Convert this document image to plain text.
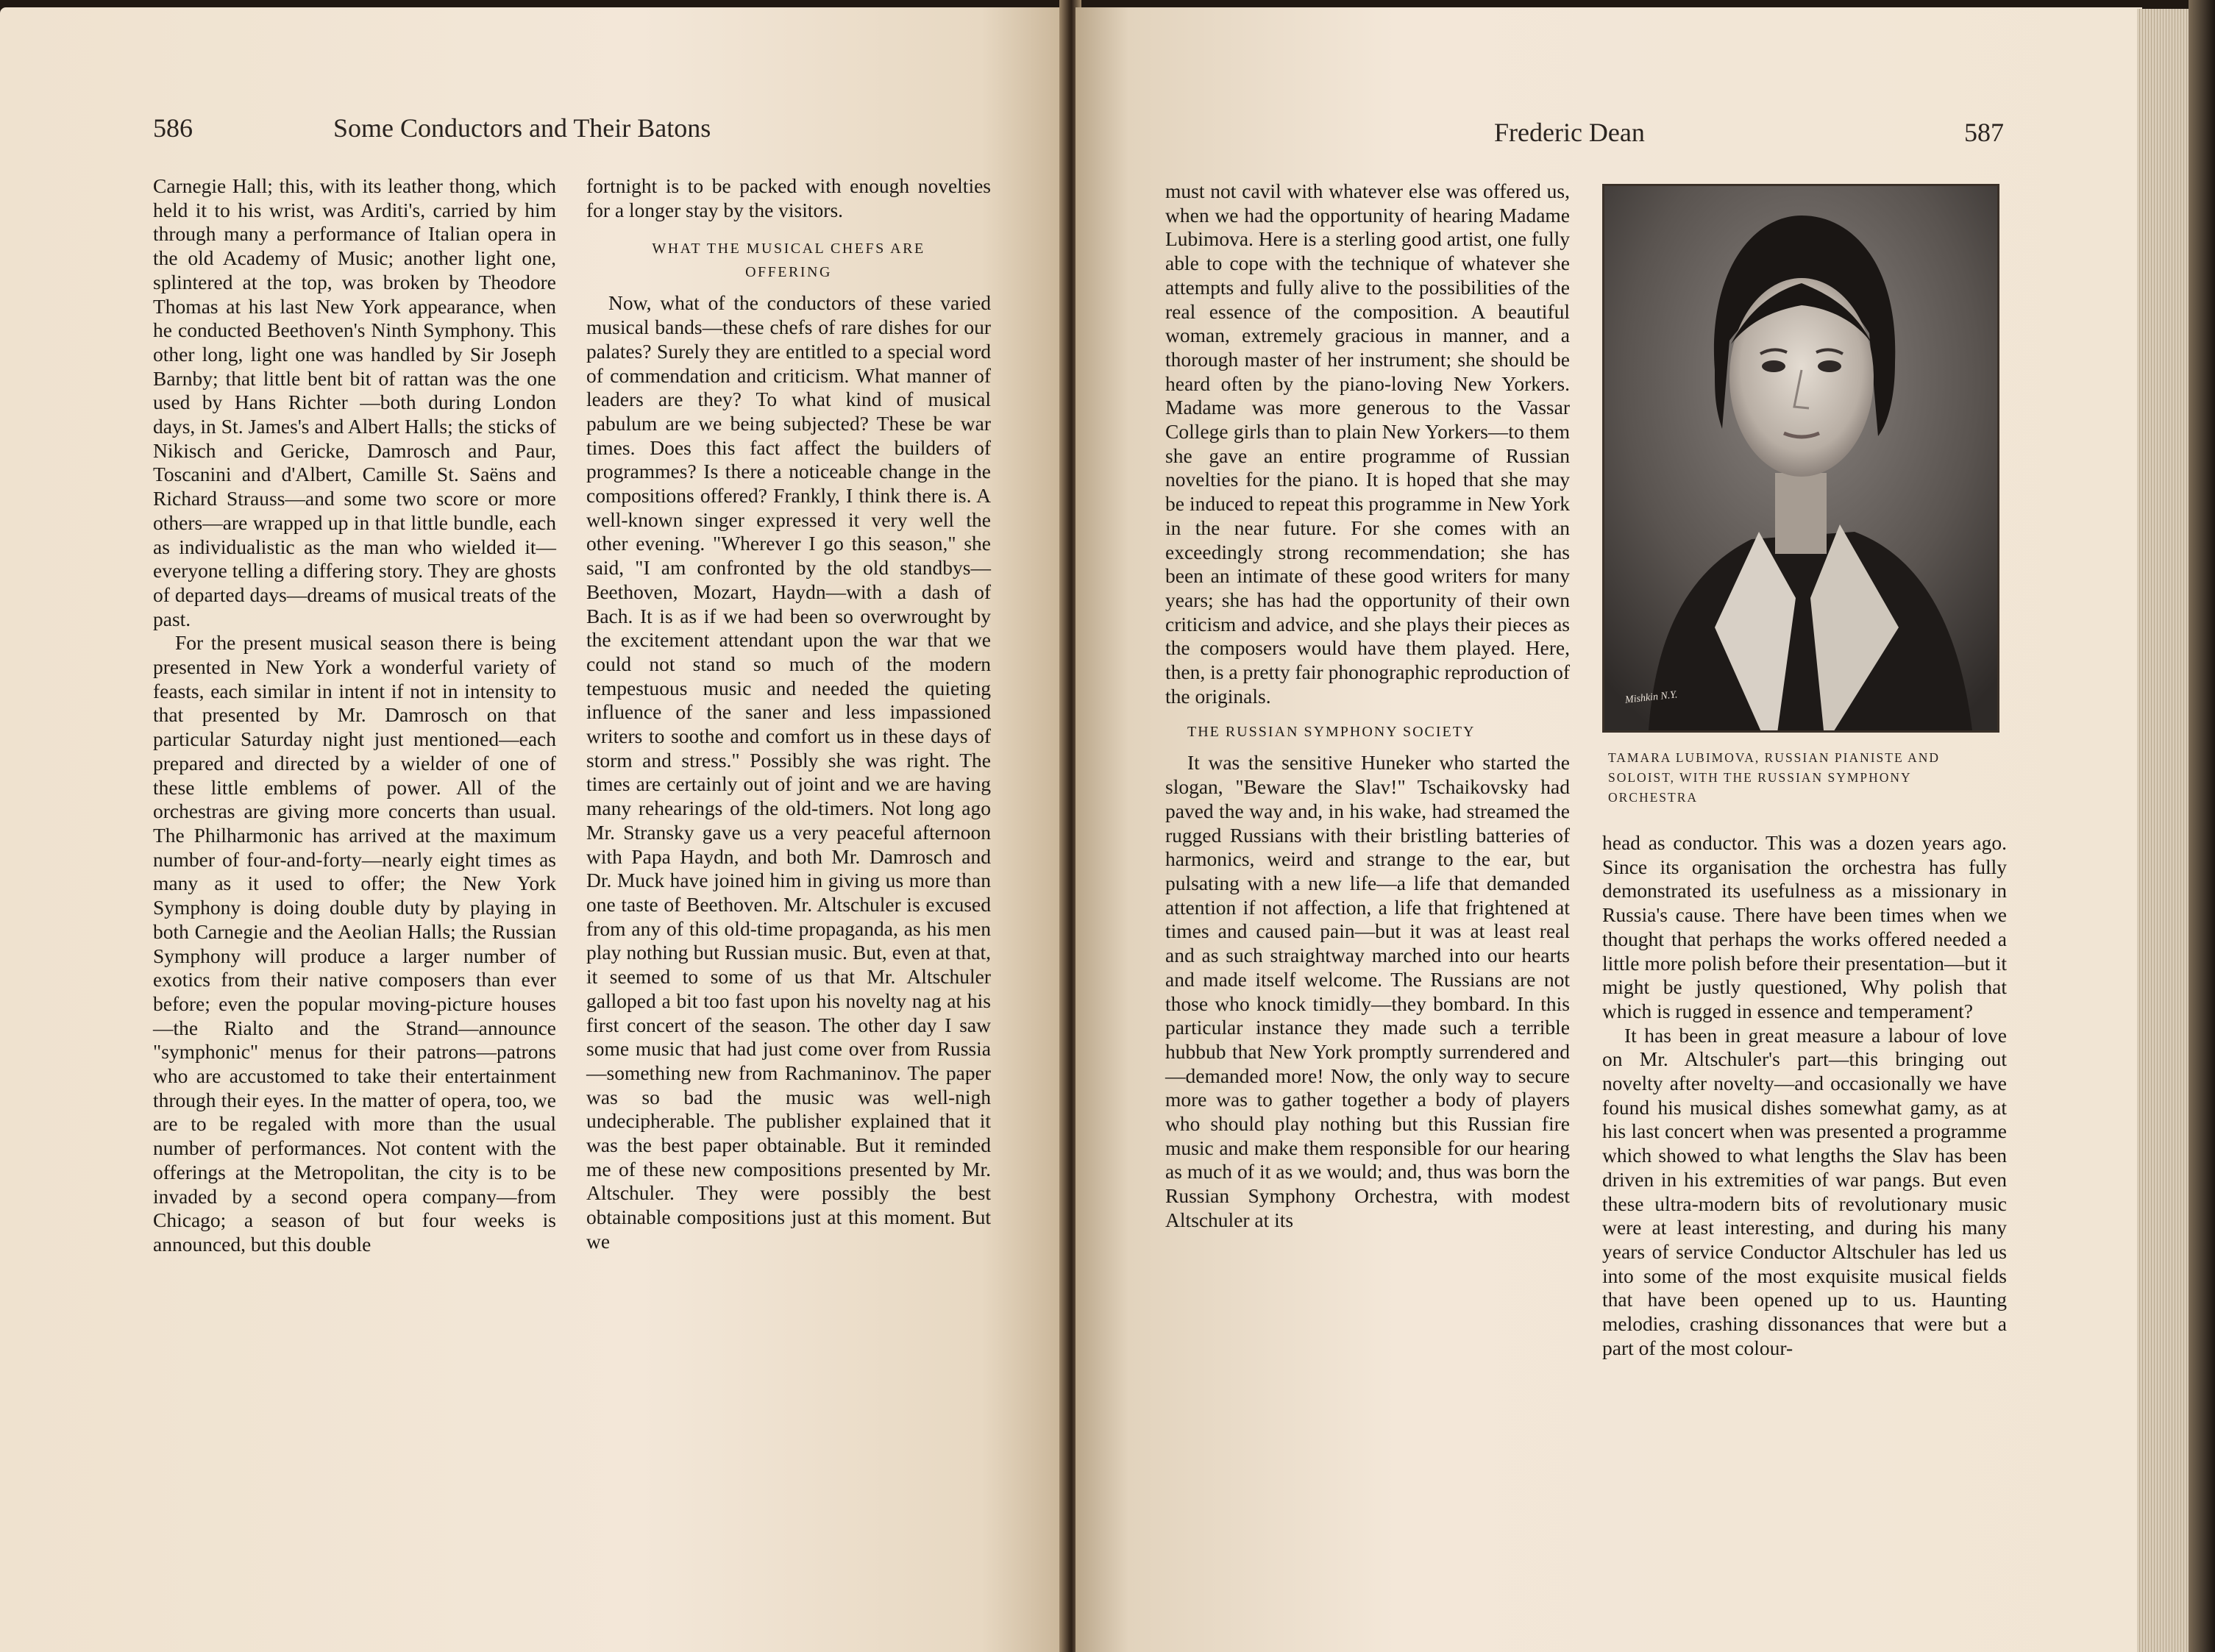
586	Some Conductors and Their Batons

Carnegie Hall; this, with its leather thong, which held it to his wrist, was Arditi's, carried by him through many a performance of Italian opera in the old Academy of Music; another light one, splintered at the top, was broken by Theodore Thomas at his last New York appearance, when he conducted Beethoven's Ninth Symphony. This other long, light one was handled by Sir Joseph Barnby; that little bent bit of rattan was the one used by Hans Richter —both during London days, in St. James's and Albert Halls; the sticks of Nikisch and Gericke, Damrosch and Paur, Toscanini and d'Albert, Camille St. Saëns and Richard Strauss—and some two score or more others—are wrapped up in that little bundle, each as individualistic as the man who wielded it—everyone telling a differing story. They are ghosts of departed days—dreams of musical treats of the past.

For the present musical season there is being presented in New York a wonderful variety of feasts, each similar in intent if not in intensity to that presented by Mr. Damrosch on that particular Saturday night just mentioned—each prepared and directed by a wielder of one of these little emblems of power. All of the orchestras are giving more concerts than usual. The Philharmonic has arrived at the maximum number of four-and-forty—nearly eight times as many as it used to offer; the New York Symphony is doing double duty by playing in both Carnegie and the Aeolian Halls; the Russian Symphony will produce a larger number of exotics from their native composers than ever before; even the popular moving-picture houses —the Rialto and the Strand—announce "symphonic" menus for their patrons—patrons who are accustomed to take their entertainment through their eyes. In the matter of opera, too, we are to be regaled with more than the usual number of performances. Not content with the offerings at the Metropolitan, the city is to be invaded by a second opera company—from Chicago; a season of but four weeks is announced, but this double

fortnight is to be packed with enough novelties for a longer stay by the visitors.

WHAT THE MUSICAL CHEFS ARE OFFERING

Now, what of the conductors of these varied musical bands—these chefs of rare dishes for our palates? Surely they are entitled to a special word of commendation and criticism. What manner of leaders are they? To what kind of musical pabulum are we being subjected? These be war times. Does this fact affect the builders of programmes? Is there a noticeable change in the compositions offered? Frankly, I think there is. A well-known singer expressed it very well the other evening. "Wherever I go this season," she said, "I am confronted by the old standbys—Beethoven, Mozart, Haydn—with a dash of Bach. It is as if we had been so overwrought by the excitement attendant upon the war that we could not stand so much of the modern tempestuous music and needed the quieting influence of the saner and less impassioned writers to soothe and comfort us in these days of storm and stress." Possibly she was right. The times are certainly out of joint and we are having many rehearings of the old-timers. Not long ago Mr. Stransky gave us a very peaceful afternoon with Papa Haydn, and both Mr. Damrosch and Dr. Muck have joined him in giving us more than one taste of Beethoven. Mr. Altschuler is excused from any of this old-time propaganda, as his men play nothing but Russian music. But, even at that, it seemed to some of us that Mr. Altschuler galloped a bit too fast upon his novelty nag at his first concert of the season. The other day I saw some music that had just come over from Russia—something new from Rachmaninov. The paper was so bad the music was well-nigh undecipherable. The publisher explained that it was the best paper obtainable. But it reminded me of these new compositions presented by Mr. Altschuler. They were possibly the best obtainable compositions just at this moment. But we

Frederic Dean	587

must not cavil with whatever else was offered us, when we had the opportunity of hearing Madame Lubimova. Here is a sterling good artist, one fully able to cope with the technique of whatever she attempts and fully alive to the possibilities of the real essence of the composition. A beautiful woman, extremely gracious in manner, and a thorough master of her instrument; she should be heard often by the piano-loving New Yorkers. Madame was more generous to the Vassar College girls than to plain New Yorkers—to them she gave an entire programme of Russian novelties for the piano. It is hoped that she may be induced to repeat this programme in New York in the near future. For she comes with an exceedingly strong recommendation; she has been an intimate of these good writers for many years; she has had the opportunity of their own criticism and advice, and she plays their pieces as the composers would have them played. Here, then, is a pretty fair phonographic reproduction of the originals.

THE RUSSIAN SYMPHONY SOCIETY

It was the sensitive Huneker who started the slogan, "Beware the Slav!" Tschaikovsky had paved the way and, in his wake, had streamed the rugged Russians with their bristling batteries of harmonics, weird and strange to the ear, but pulsating with a new life—a life that demanded attention if not affection, a life that frightened at times and caused pain—but it was at least real and as such straightway marched into our hearts and made itself welcome. The Russians are not those who knock timidly—they bombard. In this particular instance they made such a terrible hubbub that New York promptly surrendered and—demanded more! Now, the only way to secure more was to gather together a body of players who should play nothing but this Russian fire music and make them responsible for our hearing as much of it as we would; and, thus was born the Russian Symphony Orchestra, with modest Altschuler at its

Mishkin N.Y.
TAMARA LUBIMOVA, RUSSIAN PIANISTE AND SOLOIST, WITH THE RUSSIAN SYMPHONY ORCHESTRA

head as conductor. This was a dozen years ago. Since its organisation the orchestra has fully demonstrated its usefulness as a missionary in Russia's cause. There have been times when we thought that perhaps the works offered needed a little more polish before their presentation—but it might be justly questioned, Why polish that which is rugged in essence and temperament?

It has been in great measure a labour of love on Mr. Altschuler's part—this bringing out novelty after novelty—and occasionally we have found his musical dishes somewhat gamy, as at his last concert when was presented a programme which showed to what lengths the Slav has been driven in his extremities of war pangs. But even these ultra-modern bits of revolutionary music were at least interesting, and during his many years of service Conductor Altschuler has led us into some of the most exquisite musical fields that have been opened up to us. Haunting melodies, crashing dissonances that were but a part of the most colour-
